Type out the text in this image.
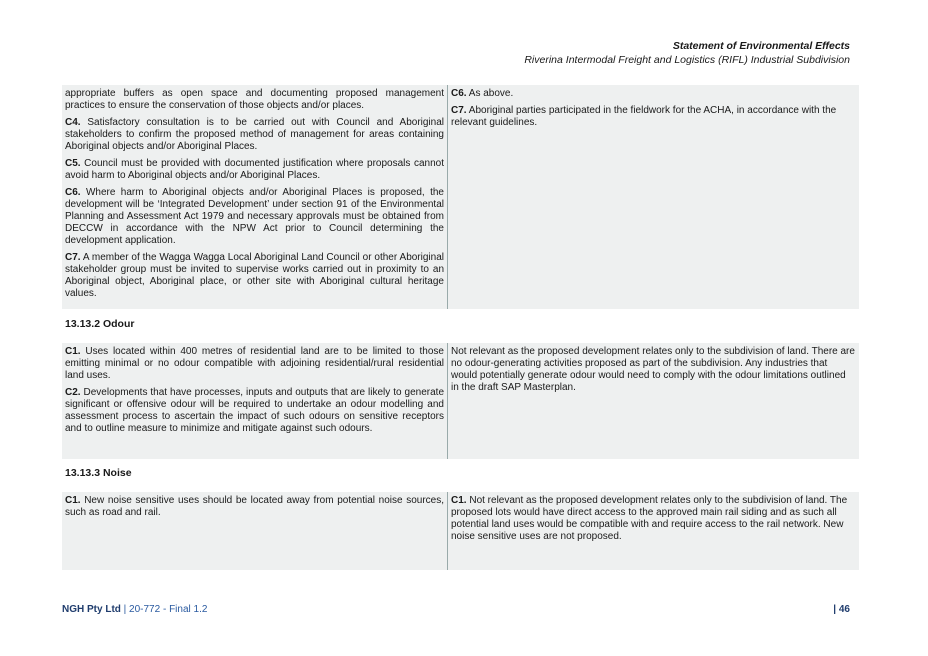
Statement of Environmental Effects
Riverina Intermodal Freight and Logistics (RIFL) Industrial Subdivision

appropriate buffers as open space and documenting proposed management practices to ensure the conservation of those objects and/or places.

C4. Satisfactory consultation is to be carried out with Council and Aboriginal stakeholders to confirm the proposed method of management for areas containing Aboriginal objects and/or Aboriginal Places.

C5. Council must be provided with documented justification where proposals cannot avoid harm to Aboriginal objects and/or Aboriginal Places.

C6. Where harm to Aboriginal objects and/or Aboriginal Places is proposed, the development will be ‘Integrated Development’ under section 91 of the Environmental Planning and Assessment Act 1979 and necessary approvals must be obtained from DECCW in accordance with the NPW Act prior to Council determining the development application.

C7. A member of the Wagga Wagga Local Aboriginal Land Council or other Aboriginal stakeholder group must be invited to supervise works carried out in proximity to an Aboriginal object, Aboriginal place, or other site with Aboriginal cultural heritage values.

C6. As above.

C7. Aboriginal parties participated in the fieldwork for the ACHA, in accordance with the relevant guidelines.

13.13.2 Odour

C1. Uses located within 400 metres of residential land are to be limited to those emitting minimal or no odour compatible with adjoining residential/rural residential land uses.

C2. Developments that have processes, inputs and outputs that are likely to generate significant or offensive odour will be required to undertake an odour modelling and assessment process to ascertain the impact of such odours on sensitive receptors and to outline measure to minimize and mitigate against such odours.

Not relevant as the proposed development relates only to the subdivision of land. There are no odour-generating activities proposed as part of the subdivision. Any industries that would potentially generate odour would need to comply with the odour limitations outlined in the draft SAP Masterplan.

13.13.3 Noise

C1. New noise sensitive uses should be located away from potential noise sources, such as road and rail.

C1. Not relevant as the proposed development relates only to the subdivision of land. The proposed lots would have direct access to the approved main rail siding and as such all potential land uses would be compatible with and require access to the rail network. New noise sensitive uses are not proposed.

NGH Pty Ltd | 20-772 - Final 1.2	| 46
